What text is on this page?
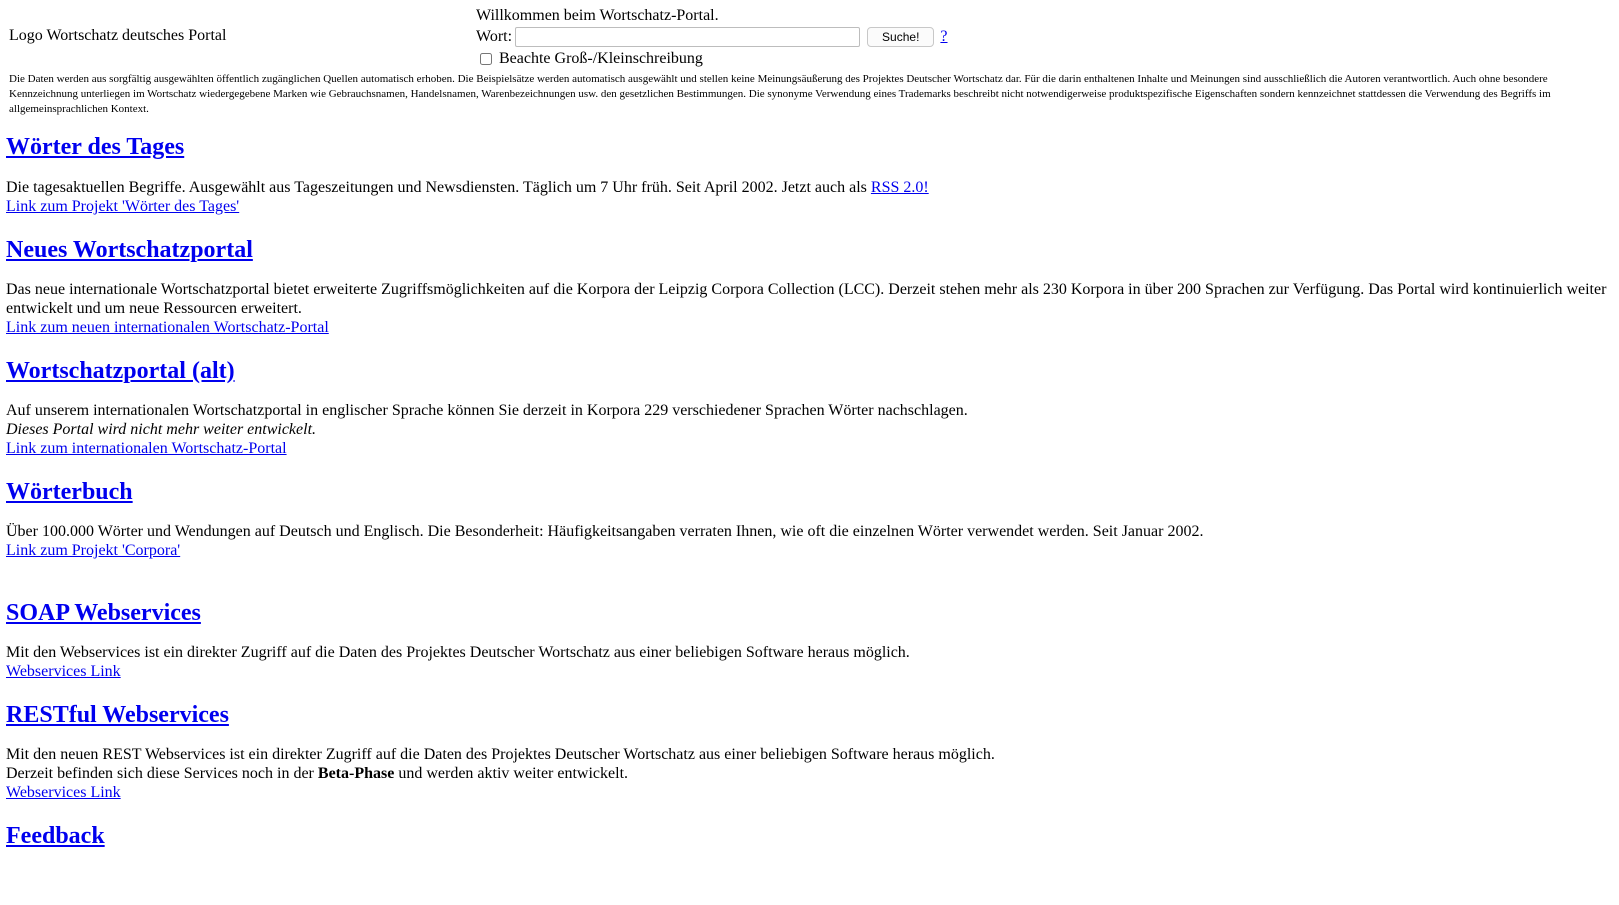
Logo Wortschatz deutsches Portal
Willkommen beim Wortschatz-Portal.
Wort:	Suche!	?
Beachte Groß-/Kleinschreibung
Die Daten werden aus sorgfältig ausgewählten öffentlich zugänglichen Quellen automatisch erhoben. Die Beispielsätze werden automatisch ausgewählt und stellen keine Meinungsäußerung des Projektes Deutscher Wortschatz dar. Für die darin enthaltenen Inhalte und Meinungen sind ausschließlich die Autoren verantwortlich. Auch ohne besondere Kennzeichnung unterliegen im Wortschatz wiedergegebene Marken wie Gebrauchsnamen, Handelsnamen, Warenbezeichnungen usw. den gesetzlichen Bestimmungen. Die synonyme Verwendung eines Trademarks beschreibt nicht notwendigerweise produktspezifische Eigenschaften sondern kennzeichnet stattdessen die Verwendung des Begriffs im allgemeinsprachlichen Kontext.
Wörter des Tages

Die tagesaktuellen Begriffe. Ausgewählt aus Tageszeitungen und Newsdiensten. Täglich um 7 Uhr früh. Seit April 2002. Jetzt auch als RSS 2.0!

Link zum Projekt 'Wörter des Tages'

Neues Wortschatzportal

Das neue internationale Wortschatzportal bietet erweiterte Zugriffsmöglichkeiten auf die Korpora der Leipzig Corpora Collection (LCC). Derzeit stehen mehr als 230 Korpora in über 200 Sprachen zur Verfügung. Das Portal wird kontinuierlich weiter entwickelt und um neue Ressourcen erweitert.

Link zum neuen internationalen Wortschatz-Portal

Wortschatzportal (alt)

Auf unserem internationalen Wortschatzportal in englischer Sprache können Sie derzeit in Korpora 229 verschiedener Sprachen Wörter nachschlagen.

Dieses Portal wird nicht mehr weiter entwickelt.

Link zum internationalen Wortschatz-Portal

Wörterbuch

Über 100.000 Wörter und Wendungen auf Deutsch und Englisch. Die Besonderheit: Häufigkeitsangaben verraten Ihnen, wie oft die einzelnen Wörter verwendet werden. Seit Januar 2002.

Link zum Projekt 'Corpora'

SOAP Webservices

Mit den Webservices ist ein direkter Zugriff auf die Daten des Projektes Deutscher Wortschatz aus einer beliebigen Software heraus möglich.

Webservices Link

RESTful Webservices

Mit den neuen REST Webservices ist ein direkter Zugriff auf die Daten des Projektes Deutscher Wortschatz aus einer beliebigen Software heraus möglich.

Derzeit befinden sich diese Services noch in der Beta-Phase und werden aktiv weiter entwickelt.

Webservices Link

Feedback
